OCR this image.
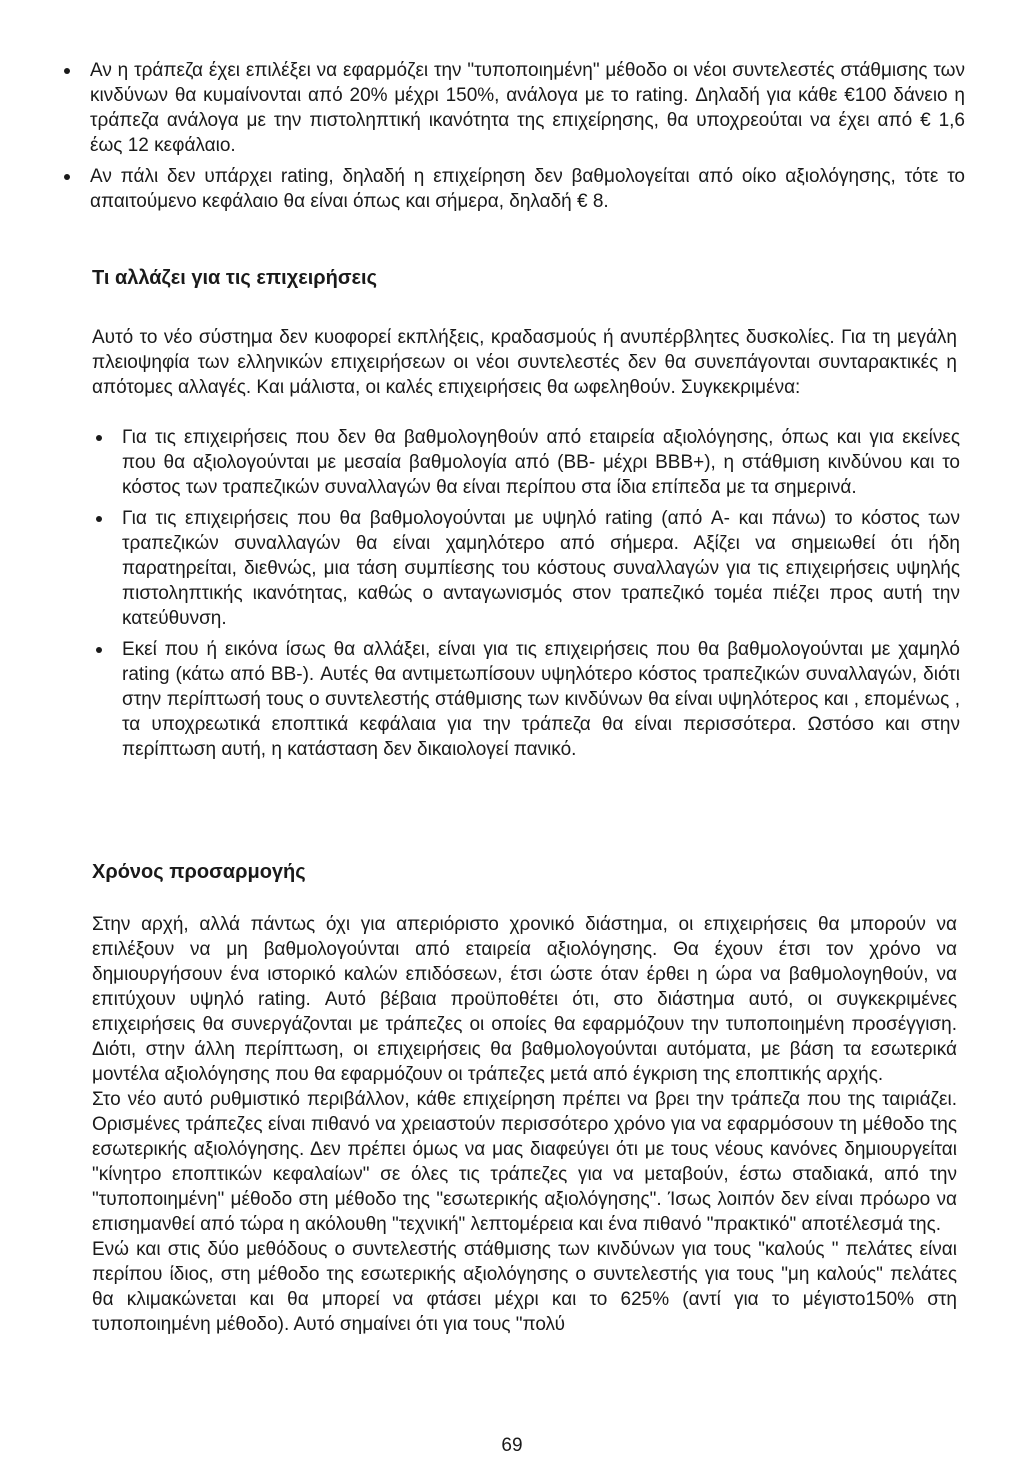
Αν η τράπεζα έχει επιλέξει να εφαρμόζει την "τυποποιημένη" μέθοδο οι νέοι συντελεστές στάθμισης των κινδύνων θα κυμαίνονται από 20% μέχρι 150%, ανάλογα με το rating. Δηλαδή για κάθε €100 δάνειο η τράπεζα ανάλογα με την πιστοληπτική ικανότητα της επιχείρησης, θα υποχρεούται να έχει από € 1,6 έως 12 κεφάλαιο.
Αν πάλι δεν υπάρχει rating, δηλαδή η επιχείρηση δεν βαθμολογείται από οίκο αξιολόγησης, τότε το απαιτούμενο κεφάλαιο θα είναι όπως και σήμερα, δηλαδή € 8.
Τι αλλάζει για τις επιχειρήσεις

Αυτό το νέο σύστημα δεν κυοφορεί εκπλήξεις, κραδασμούς ή ανυπέρβλητες δυσκολίες. Για τη μεγάλη πλειοψηφία των ελληνικών επιχειρήσεων οι νέοι συντελεστές δεν θα συνεπάγονται συνταρακτικές η απότομες αλλαγές. Και μάλιστα, οι καλές επιχειρήσεις θα ωφεληθούν. Συγκεκριμένα:

Για τις επιχειρήσεις που δεν θα βαθμολογηθούν από εταιρεία αξιολόγησης, όπως και για εκείνες που θα αξιολογούνται με μεσαία βαθμολογία από (BB- μέχρι BBB+), η στάθμιση κινδύνου και το κόστος των τραπεζικών συναλλαγών θα είναι περίπου στα ίδια επίπεδα με τα σημερινά.
Για τις επιχειρήσεις που θα βαθμολογούνται με υψηλό rating (από A- και πάνω) το κόστος των τραπεζικών συναλλαγών θα είναι χαμηλότερο από σήμερα. Αξίζει να σημειωθεί ότι ήδη παρατηρείται, διεθνώς, μια τάση συμπίεσης του κόστους συναλλαγών για τις επιχειρήσεις υψηλής πιστοληπτικής ικανότητας, καθώς ο ανταγωνισμός στον τραπεζικό τομέα πιέζει προς αυτή την κατεύθυνση.
Εκεί που ή εικόνα ίσως θα αλλάξει, είναι για τις επιχειρήσεις που θα βαθμολογούνται με χαμηλό rating (κάτω από BB-). Αυτές θα αντιμετωπίσουν υψηλότερο κόστος τραπεζικών συναλλαγών, διότι στην περίπτωσή τους ο συντελεστής στάθμισης των κινδύνων θα είναι υψηλότερος και , επομένως , τα υποχρεωτικά εποπτικά κεφάλαια για την τράπεζα θα είναι περισσότερα. Ωστόσο και στην περίπτωση αυτή, η κατάσταση δεν δικαιολογεί πανικό.
Χρόνος προσαρμογής

Στην αρχή, αλλά πάντως όχι για απεριόριστο χρονικό διάστημα, οι επιχειρήσεις θα μπορούν να επιλέξουν να μη βαθμολογούνται από εταιρεία αξιολόγησης. Θα έχουν έτσι τον χρόνο να δημιουργήσουν ένα ιστορικό καλών επιδόσεων, έτσι ώστε όταν έρθει η ώρα να βαθμολογηθούν, να επιτύχουν υψηλό rating. Αυτό βέβαια προϋποθέτει ότι, στο διάστημα αυτό, οι συγκεκριμένες επιχειρήσεις θα συνεργάζονται με τράπεζες οι οποίες θα εφαρμόζουν την τυποποιημένη προσέγγιση. Διότι, στην άλλη περίπτωση, οι επιχειρήσεις θα βαθμολογούνται αυτόματα, με βάση τα εσωτερικά μοντέλα αξιολόγησης που θα εφαρμόζουν οι τράπεζες μετά από έγκριση της εποπτικής αρχής.

Στο νέο αυτό ρυθμιστικό περιβάλλον, κάθε επιχείρηση πρέπει να βρει την τράπεζα που της ταιριάζει. Ορισμένες τράπεζες είναι πιθανό να χρειαστούν περισσότερο χρόνο για να εφαρμόσουν τη μέθοδο της εσωτερικής αξιολόγησης. Δεν πρέπει όμως να μας διαφεύγει ότι με τους νέους κανόνες δημιουργείται "κίνητρο εποπτικών κεφαλαίων" σε όλες τις τράπεζες για να μεταβούν, έστω σταδιακά, από την "τυποποιημένη" μέθοδο στη μέθοδο της "εσωτερικής αξιολόγησης". Ίσως λοιπόν δεν είναι πρόωρο να επισημανθεί από τώρα η ακόλουθη "τεχνική" λεπτομέρεια και ένα πιθανό "πρακτικό" αποτέλεσμά της.

Ενώ και στις δύο μεθόδους ο συντελεστής στάθμισης των κινδύνων για τους "καλούς " πελάτες είναι περίπου ίδιος, στη μέθοδο της εσωτερικής αξιολόγησης ο συντελεστής για τους "μη καλούς" πελάτες θα κλιμακώνεται και θα μπορεί να φτάσει μέχρι και το 625% (αντί για το μέγιστο150% στη τυποποιημένη μέθοδο). Αυτό σημαίνει ότι για τους "πολύ

69
